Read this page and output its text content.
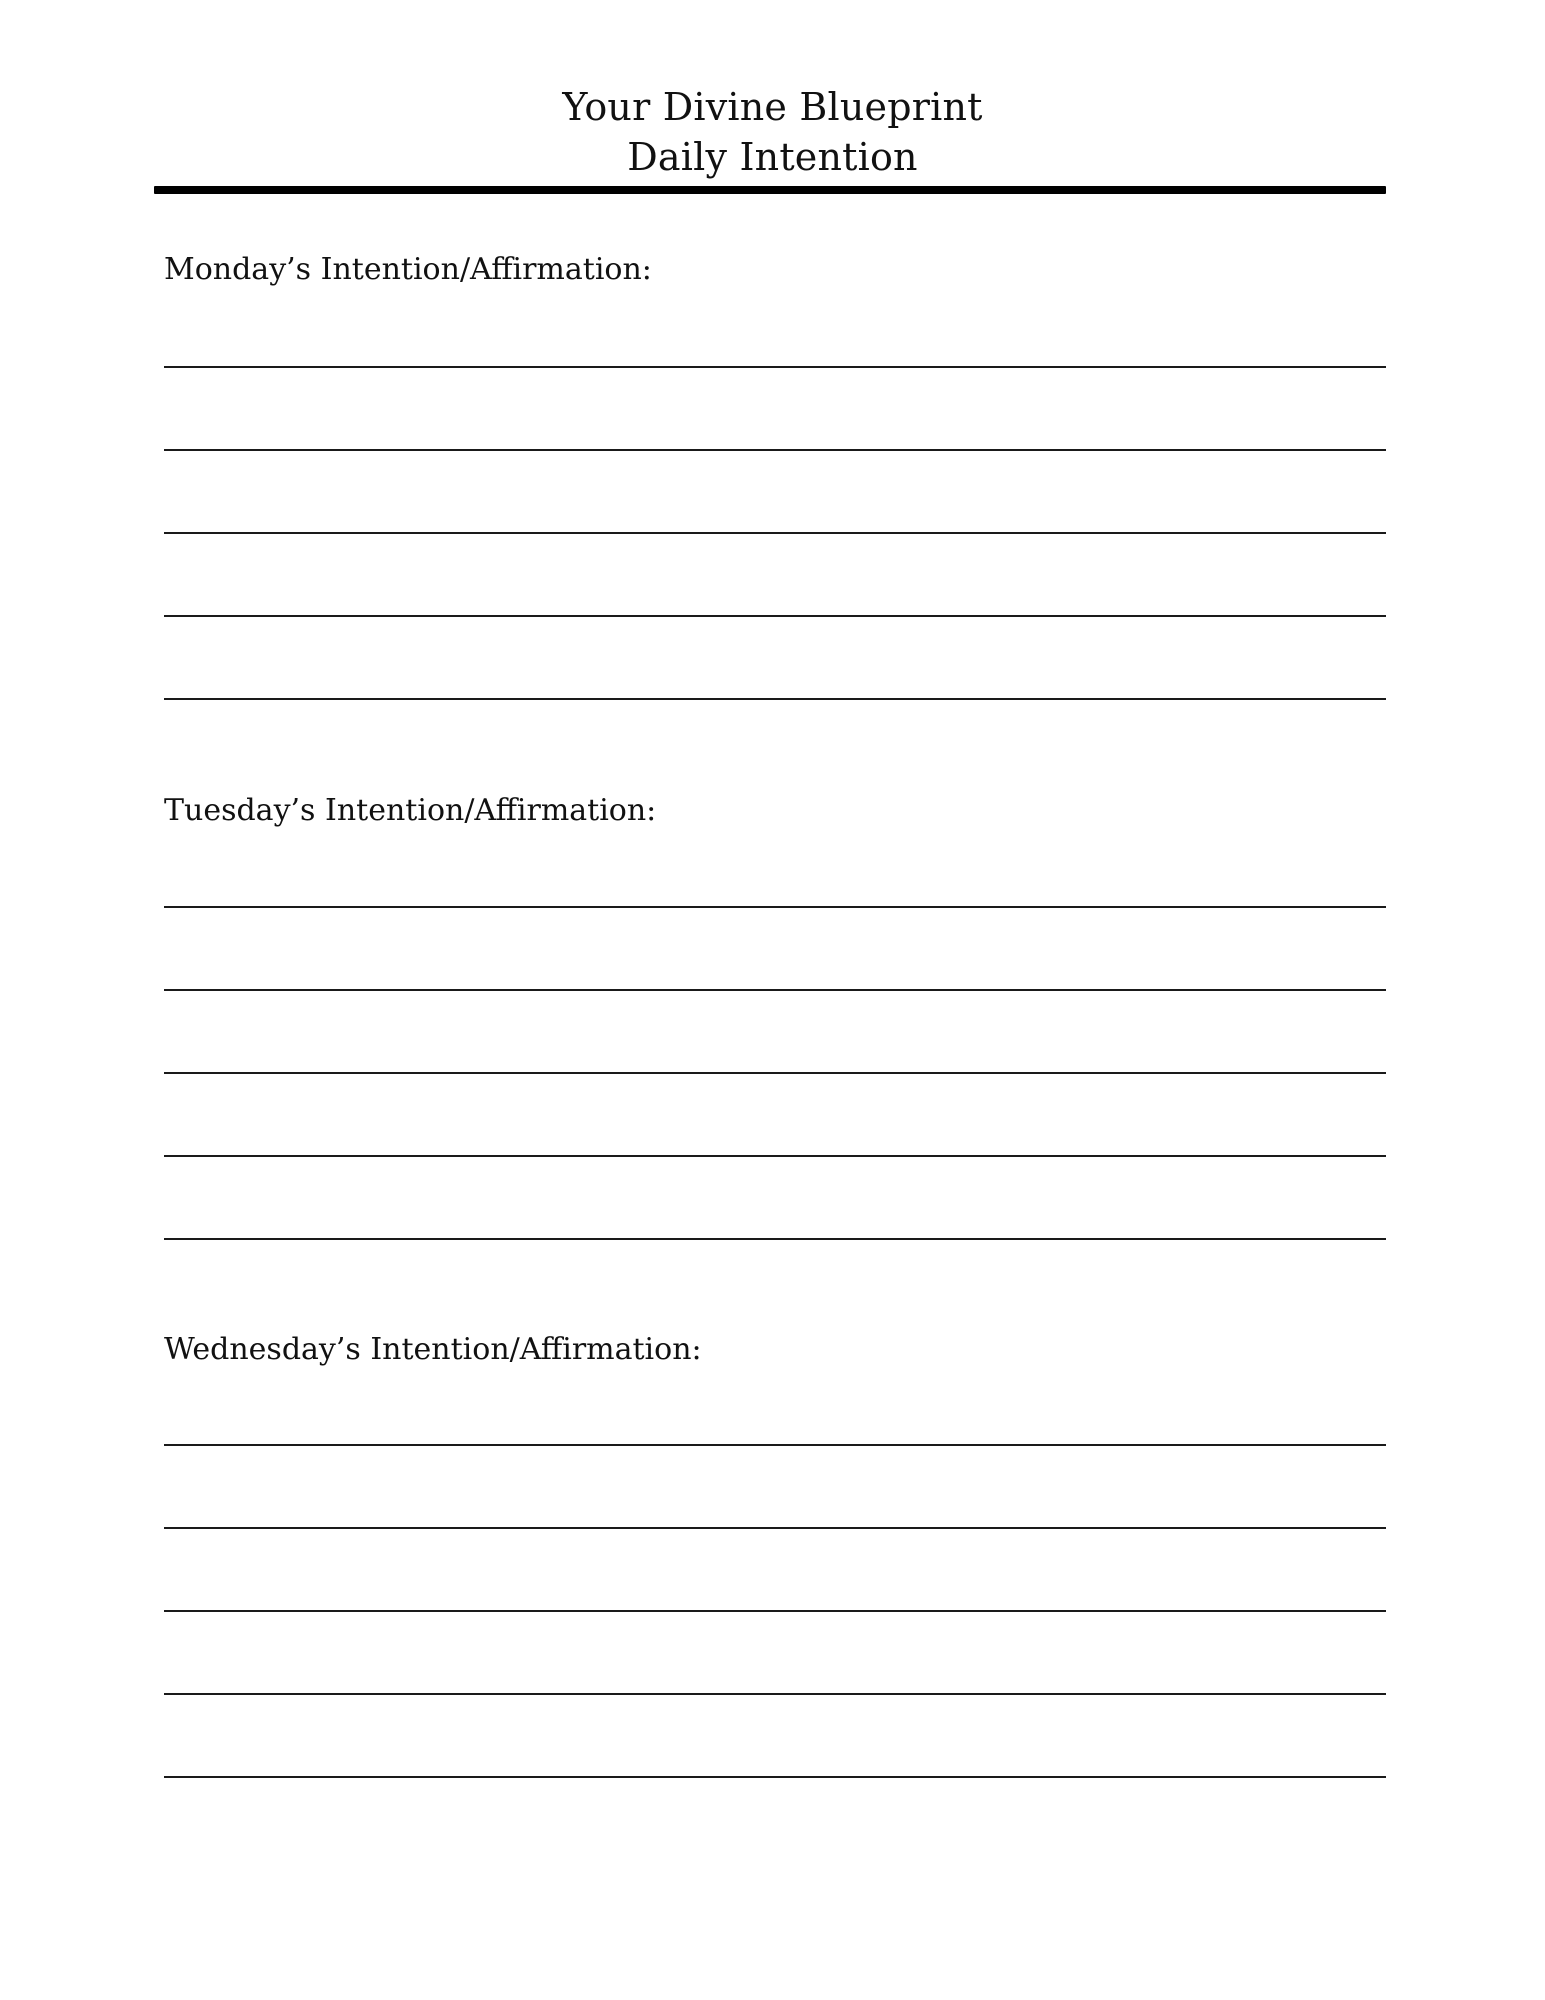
Your Divine Blueprint
Daily Intention
Monday’s Intention/Affirmation:
Tuesday’s Intention/Affirmation:
Wednesday’s Intention/Affirmation:
